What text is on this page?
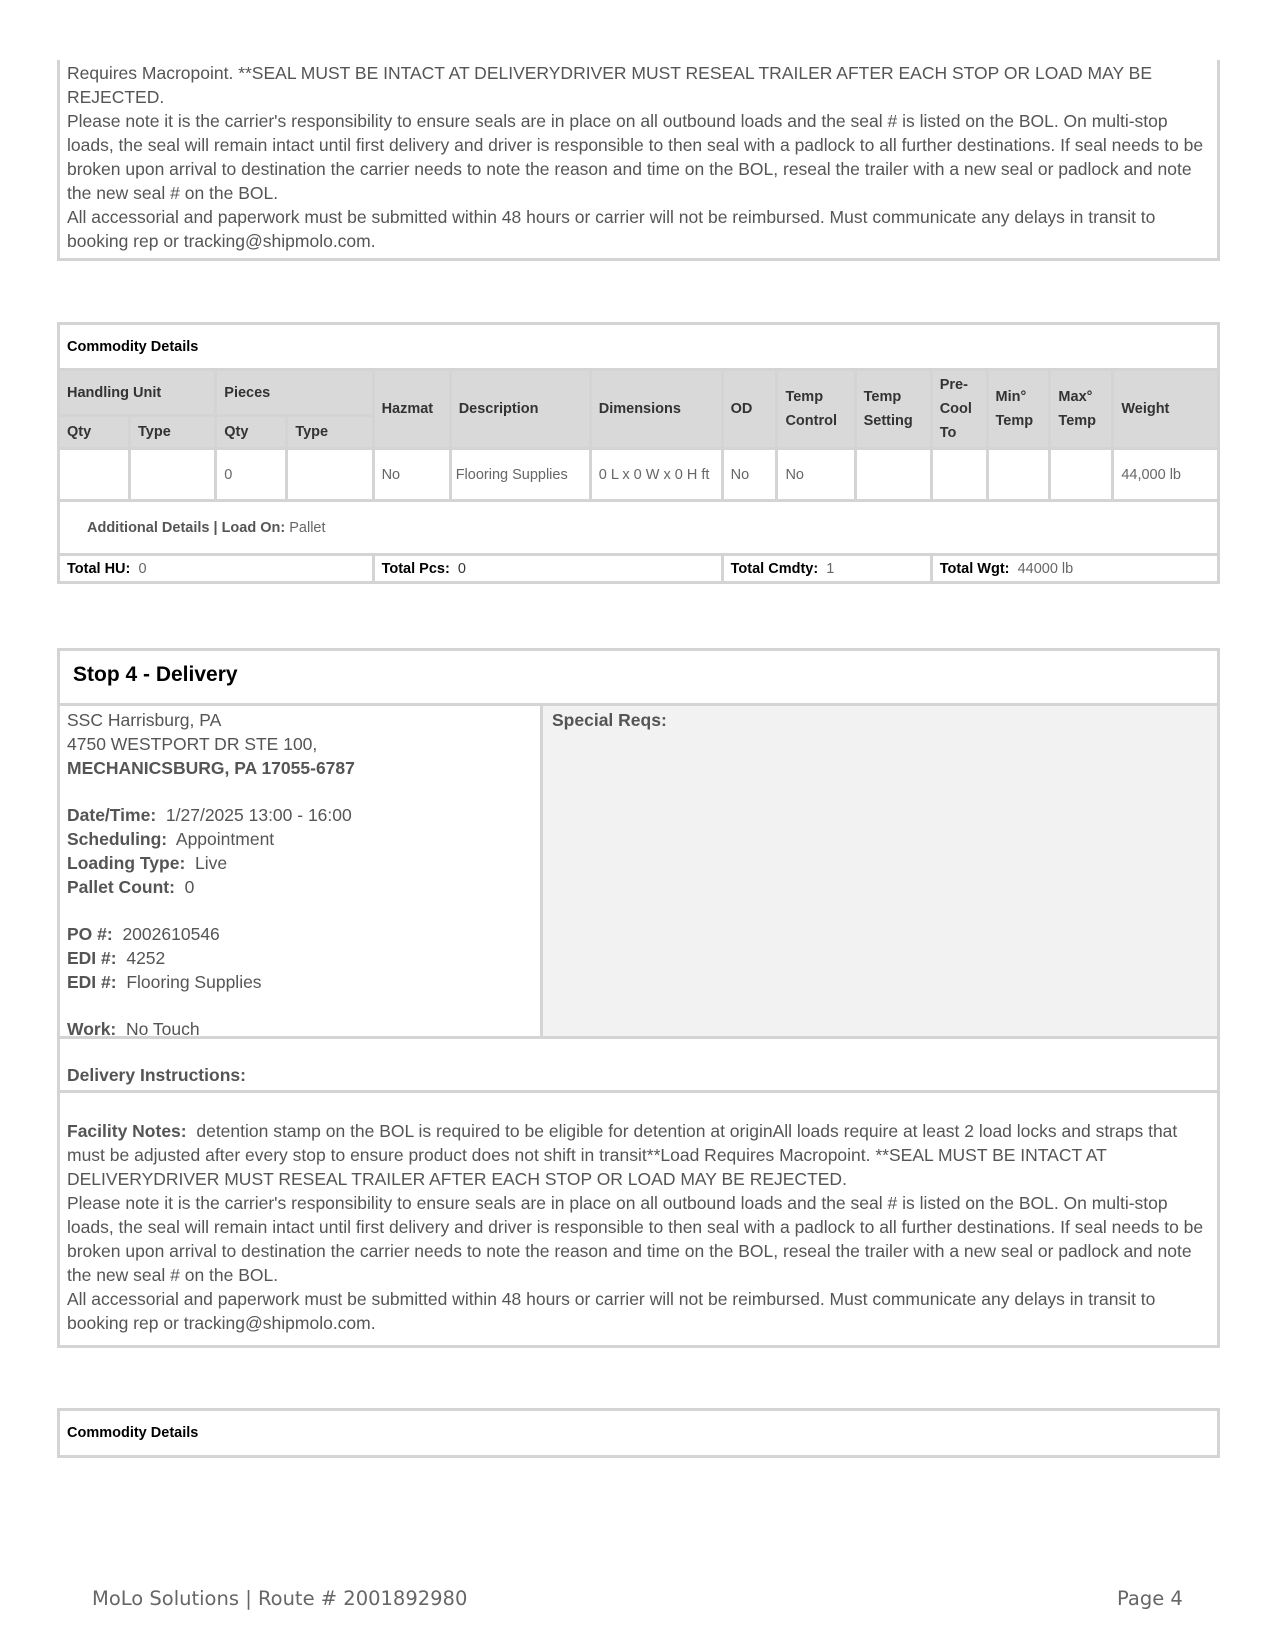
Requires Macropoint. **SEAL MUST BE INTACT AT DELIVERYDRIVER MUST RESEAL TRAILER AFTER EACH STOP OR LOAD MAY BE REJECTED.

Please note it is the carrier's responsibility to ensure seals are in place on all outbound loads and the seal # is listed on the BOL. On multi-stop loads, the seal will remain intact until first delivery and driver is responsible to then seal with a padlock to all further destinations. If seal needs to be broken upon arrival to destination the carrier needs to note the reason and time on the BOL, reseal the trailer with a new seal or padlock and note the new seal # on the BOL.

All accessorial and paperwork must be submitted within 48 hours or carrier will not be reimbursed. Must communicate any delays in transit to booking rep or tracking@shipmolo.com.

Commodity Details													
Handling Unit		Pieces		Hazmat	Description	Dimensions	OD	Temp Control	Temp Setting	Pre-Cool To	Min° Temp	Max° Temp	Weight
Qty	Type	Qty	Type										
		0		No	Flooring Supplies	0 L x 0 W x 0 H ft	No	No					44,000 lb
Additional Details | Load On: Pallet													
Total HU: 0				Total Pcs: 0			Total Cmdty: 1			Total Wgt: 44000 lb			
Stop 4 - Delivery

SSC Harrisburg, PA

4750 WESTPORT DR STE 100,

MECHANICSBURG, PA 17055-6787

Date/Time: 1/27/2025 13:00 - 16:00

Scheduling: Appointment

Loading Type: Live

Pallet Count: 0

PO #: 2002610546

EDI #: 4252

EDI #: Flooring Supplies

Work: No Touch

Special Reqs:
Delivery Instructions:

Facility Notes: detention stamp on the BOL is required to be eligible for detention at originAll loads require at least 2 load locks and straps that must be adjusted after every stop to ensure product does not shift in transit**Load Requires Macropoint. **SEAL MUST BE INTACT AT DELIVERYDRIVER MUST RESEAL TRAILER AFTER EACH STOP OR LOAD MAY BE REJECTED.

Please note it is the carrier's responsibility to ensure seals are in place on all outbound loads and the seal # is listed on the BOL. On multi-stop loads, the seal will remain intact until first delivery and driver is responsible to then seal with a padlock to all further destinations. If seal needs to be broken upon arrival to destination the carrier needs to note the reason and time on the BOL, reseal the trailer with a new seal or padlock and note the new seal # on the BOL.

All accessorial and paperwork must be submitted within 48 hours or carrier will not be reimbursed. Must communicate any delays in transit to booking rep or tracking@shipmolo.com.

Commodity Details
MoLo Solutions | Route # 2001892980	Page 4
